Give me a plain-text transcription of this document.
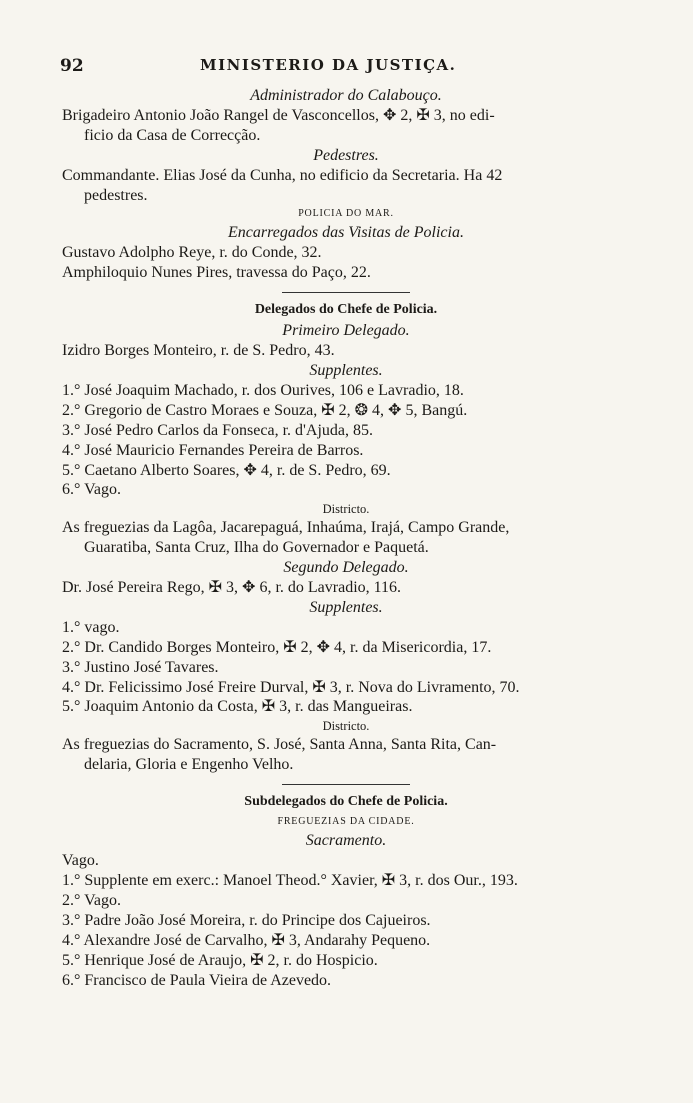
92	MINISTERIO DA JUSTIÇA.
Administrador do Calabouço.
Brigadeiro Antonio João Rangel de Vasconcellos, ✥ 2, ✠ 3, no edi-
ficio da Casa de Correcção.
Pedestres.
Commandante. Elias José da Cunha, no edificio da Secretaria. Ha 42
pedestres.
POLICIA DO MAR.
Encarregados das Visitas de Policia.
Gustavo Adolpho Reye, r. do Conde, 32.
Amphiloquio Nunes Pires, travessa do Paço, 22.
Delegados do Chefe de Policia.
Primeiro Delegado.
Izidro Borges Monteiro, r. de S. Pedro, 43.
Supplentes.
1.° José Joaquim Machado, r. dos Ourives, 106 e Lavradio, 18.
2.° Gregorio de Castro Moraes e Souza, ✠ 2, ❂ 4, ✥ 5, Bangú.
3.° José Pedro Carlos da Fonseca, r. d'Ajuda, 85.
4.° José Mauricio Fernandes Pereira de Barros.
5.° Caetano Alberto Soares, ✥ 4, r. de S. Pedro, 69.
6.° Vago.
Districto.
As freguezias da Lagôa, Jacarepaguá, Inhaúma, Irajá, Campo Grande,
Guaratiba, Santa Cruz, Ilha do Governador e Paquetá.
Segundo Delegado.
Dr. José Pereira Rego, ✠ 3, ✥ 6, r. do Lavradio, 116.
Supplentes.
1.° vago.
2.° Dr. Candido Borges Monteiro, ✠ 2, ✥ 4, r. da Misericordia, 17.
3.° Justino José Tavares.
4.° Dr. Felicissimo José Freire Durval, ✠ 3, r. Nova do Livramento, 70.
5.° Joaquim Antonio da Costa, ✠ 3, r. das Mangueiras.
Districto.
As freguezias do Sacramento, S. José, Santa Anna, Santa Rita, Can-
delaria, Gloria e Engenho Velho.
Subdelegados do Chefe de Policia.
FREGUEZIAS DA CIDADE.
Sacramento.
Vago.
1.° Supplente em exerc.: Manoel Theod.° Xavier, ✠ 3, r. dos Our., 193.
2.° Vago.
3.° Padre João José Moreira, r. do Principe dos Cajueiros.
4.° Alexandre José de Carvalho, ✠ 3, Andarahy Pequeno.
5.° Henrique José de Araujo, ✠ 2, r. do Hospicio.
6.° Francisco de Paula Vieira de Azevedo.
